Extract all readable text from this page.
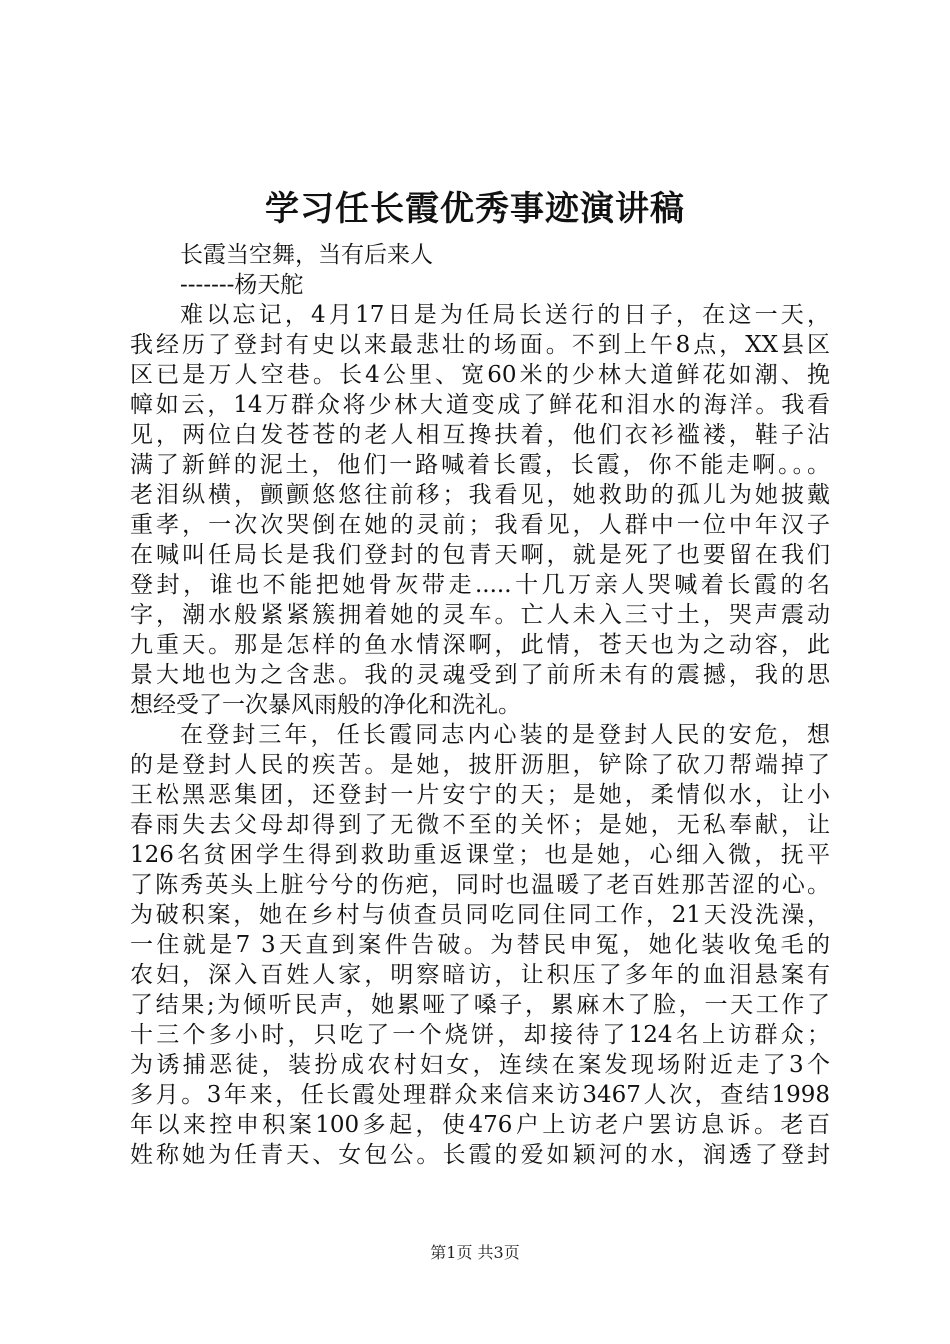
学习任长霞优秀事迹演讲稿
长霞当空舞，当有后来人
-------杨天舵
难以忘记，4月17日是为任局长送行的日子，在这一天，
我经历了登封有史以来最悲壮的场面。不到上午8点，XX县区
区已是万人空巷。长4公里、宽60米的少林大道鲜花如潮、挽
幛如云，14万群众将少林大道变成了鲜花和泪水的海洋。我看
见，两位白发苍苍的老人相互搀扶着，他们衣衫褴褛，鞋子沾
满了新鲜的泥土，他们一路喊着长霞，长霞，你不能走啊。。。
老泪纵横，颤颤悠悠往前移；我看见，她救助的孤儿为她披戴
重孝，一次次哭倒在她的灵前；我看见，人群中一位中年汉子
在喊叫任局长是我们登封的包青天啊，就是死了也要留在我们
登封，谁也不能把她骨灰带走.....十几万亲人哭喊着长霞的名
字，潮水般紧紧簇拥着她的灵车。亡人未入三寸土，哭声震动
九重天。那是怎样的鱼水情深啊，此情，苍天也为之动容，此
景大地也为之含悲。我的灵魂受到了前所未有的震撼，我的思
想经受了一次暴风雨般的净化和洗礼。
在登封三年，任长霞同志内心装的是登封人民的安危，想
的是登封人民的疾苦。是她，披肝沥胆，铲除了砍刀帮端掉了
王松黑恶集团，还登封一片安宁的天；是她，柔情似水，让小
春雨失去父母却得到了无微不至的关怀；是她，无私奉献，让
126名贫困学生得到救助重返课堂；也是她，心细入微，抚平
了陈秀英头上脏兮兮的伤疤，同时也温暖了老百姓那苦涩的心。
为破积案，她在乡村与侦查员同吃同住同工作，21天没洗澡，
一住就是7 3天直到案件告破。为替民申冤，她化装收兔毛的
农妇，深入百姓人家，明察暗访，让积压了多年的血泪悬案有
了结果;为倾听民声，她累哑了嗓子，累麻木了脸，一天工作了
十三个多小时，只吃了一个烧饼，却接待了124名上访群众；
为诱捕恶徒，装扮成农村妇女，连续在案发现场附近走了3个
多月。3年来，任长霞处理群众来信来访3467人次，查结1998
年以来控申积案100多起，使476户上访老户罢访息诉。老百
姓称她为任青天、女包公。长霞的爱如颖河的水，润透了登封
第1页 共3页
